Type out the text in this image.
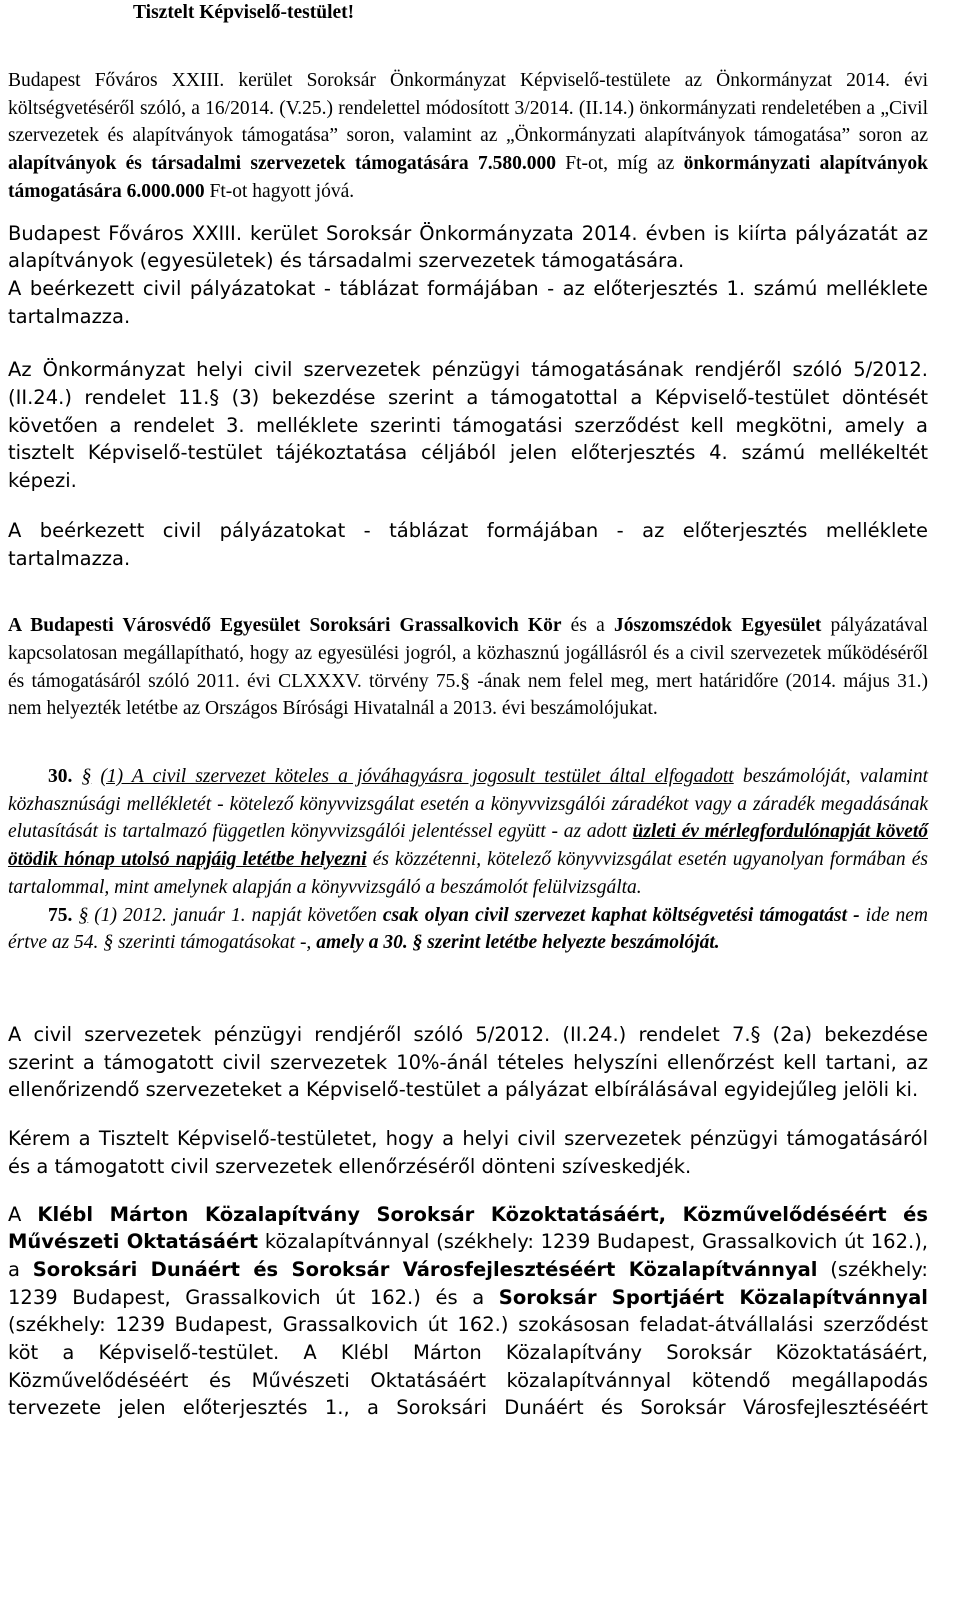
Tisztelt Képviselő-testület!

Budapest Főváros XXIII. kerület Soroksár Önkormányzat Képviselő-testülete az Önkormányzat 2014. évi költségvetéséről szóló, a 16/2014. (V.25.) rendelettel módosított 3/2014. (II.14.) önkormányzati rendeletében a „Civil szervezetek és alapítványok támogatása” soron, valamint az „Önkormányzati alapítványok támogatása” soron az alapítványok és társadalmi szervezetek támogatására 7.580.000 Ft-ot, míg az önkormányzati alapítványok támogatására 6.000.000 Ft-ot hagyott jóvá.

Budapest Főváros XXIII. kerület Soroksár Önkormányzata 2014. évben is kiírta pályázatát az alapítványok (egyesületek) és társadalmi szervezetek támogatására.

A beérkezett civil pályázatokat - táblázat formájában - az előterjesztés 1. számú melléklete tartalmazza.

Az Önkormányzat helyi civil szervezetek pénzügyi támogatásának rendjéről szóló 5/2012.(II.24.) rendelet 11.§ (3) bekezdése szerint a támogatottal a Képviselő-testület döntését követően a rendelet 3. melléklete szerinti támogatási szerződést kell megkötni, amely a tisztelt Képviselő-testület tájékoztatása céljából jelen előterjesztés 4. számú mellékeltét képezi.

A beérkezett civil pályázatokat - táblázat formájában - az előterjesztés melléklete tartalmazza.

A Budapesti Városvédő Egyesület Soroksári Grassalkovich Kör és a Jószomszédok Egyesület pályázatával kapcsolatosan megállapítható, hogy az egyesülési jogról, a közhasznú jogállásról és a civil szervezetek működéséről és támogatásáról szóló 2011. évi CLXXXV. törvény 75.§ -ának nem felel meg, mert határidőre (2014. május 31.) nem helyezték letétbe az Országos Bírósági Hivatalnál a 2013. évi beszámolójukat.

30. § (1) A civil szervezet köteles a jóváhagyásra jogosult testület által elfogadott beszámolóját, valamint közhasznúsági mellékletét - kötelező könyvvizsgálat esetén a könyvvizsgálói záradékot vagy a záradék megadásának elutasítását is tartalmazó független könyvvizsgálói jelentéssel együtt - az adott üzleti év mérlegfordulónapját követő ötödik hónap utolsó napjáig letétbe helyezni és közzétenni, kötelező könyvvizsgálat esetén ugyanolyan formában és tartalommal, mint amelynek alapján a könyvvizsgáló a beszámolót felülvizsgálta.

75. § (1) 2012. január 1. napját követően csak olyan civil szervezet kaphat költségvetési támogatást - ide nem értve az 54. § szerinti támogatásokat -, amely a 30. § szerint letétbe helyezte beszámolóját.

A civil szervezetek pénzügyi rendjéről szóló 5/2012. (II.24.) rendelet 7.§ (2a) bekezdése szerint a támogatott civil szervezetek 10%-ánál tételes helyszíni ellenőrzést kell tartani, az ellenőrizendő szervezeteket a Képviselő-testület a pályázat elbírálásával egyidejűleg jelöli ki.

Kérem a Tisztelt Képviselő-testületet, hogy a helyi civil szervezetek pénzügyi támogatásáról és a támogatott civil szervezetek ellenőrzéséről dönteni szíveskedjék.

A Klébl Márton Közalapítvány Soroksár Közoktatásáért, Közművelődéséért és Művészeti Oktatásáért közalapítvánnyal (székhely: 1239 Budapest, Grassalkovich út 162.), a Soroksári Dunáért és Soroksár Városfejlesztéséért Közalapítvánnyal (székhely: 1239 Budapest, Grassalkovich út 162.) és a Soroksár Sportjáért Közalapítvánnyal (székhely: 1239 Budapest, Grassalkovich út 162.) szokásosan feladat-átvállalási szerződést köt a Képviselő-testület. A Klébl Márton Közalapítvány Soroksár Közoktatásáért, Közművelődéséért és Művészeti Oktatásáért közalapítvánnyal kötendő megállapodás tervezete jelen előterjesztés 1., a Soroksári Dunáért és Soroksár Városfejlesztéséért
